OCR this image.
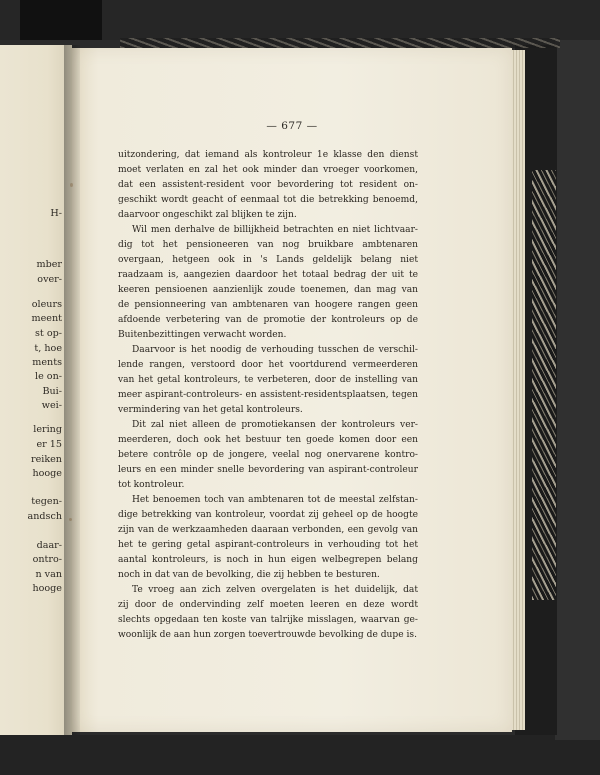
H-
mber
over-
oleurs
meent
st op-
t, hoe
ments
le on-
Bui-
wei-
lering
er 15
reiken
hooge
tegen-
andsch
daar-
ontro-
n van
hooge
— 677 —
uitzondering, dat iemand als kontroleur 1e klasse den dienst
moet verlaten en zal het ook minder dan vroeger voorkomen,
dat een assistent-resident voor bevordering tot resident on-
geschikt wordt geacht of eenmaal tot die betrekking benoemd,
daarvoor ongeschikt zal blijken te zijn.
Wil men derhalve de billijkheid betrachten en niet lichtvaar-
dig tot het pensioneeren van nog bruikbare ambtenaren
overgaan, hetgeen ook in 's Lands geldelijk belang niet
raadzaam is, aangezien daardoor het totaal bedrag der uit te
keeren pensioenen aanzienlijk zoude toenemen, dan mag van
de pensionneering van ambtenaren van hoogere rangen geen
afdoende verbetering van de promotie der kontroleurs op de
Buitenbezittingen verwacht worden.
Daarvoor is het noodig de verhouding tusschen de verschil-
lende rangen, verstoord door het voortdurend vermeerderen
van het getal kontroleurs, te verbeteren, door de instelling van
meer aspirant-controleurs- en assistent-residentsplaatsen, tegen
vermindering van het getal kontroleurs.
Dit zal niet alleen de promotiekansen der kontroleurs ver-
meerderen, doch ook het bestuur ten goede komen door een
betere contrôle op de jongere, veelal nog onervarene kontro-
leurs en een minder snelle bevordering van aspirant-controleur
tot kontroleur.
Het benoemen toch van ambtenaren tot de meestal zelfstan-
dige betrekking van kontroleur, voordat zij geheel op de hoogte
zijn van de werkzaamheden daaraan verbonden, een gevolg van
het te gering getal aspirant-controleurs in verhouding tot het
aantal kontroleurs, is noch in hun eigen welbegrepen belang
noch in dat van de bevolking, die zij hebben te besturen.
Te vroeg aan zich zelven overgelaten is het duidelijk, dat
zij door de ondervinding zelf moeten leeren en deze wordt
slechts opgedaan ten koste van talrijke misslagen, waarvan ge-
woonlijk de aan hun zorgen toevertrouwde bevolking de dupe is.
